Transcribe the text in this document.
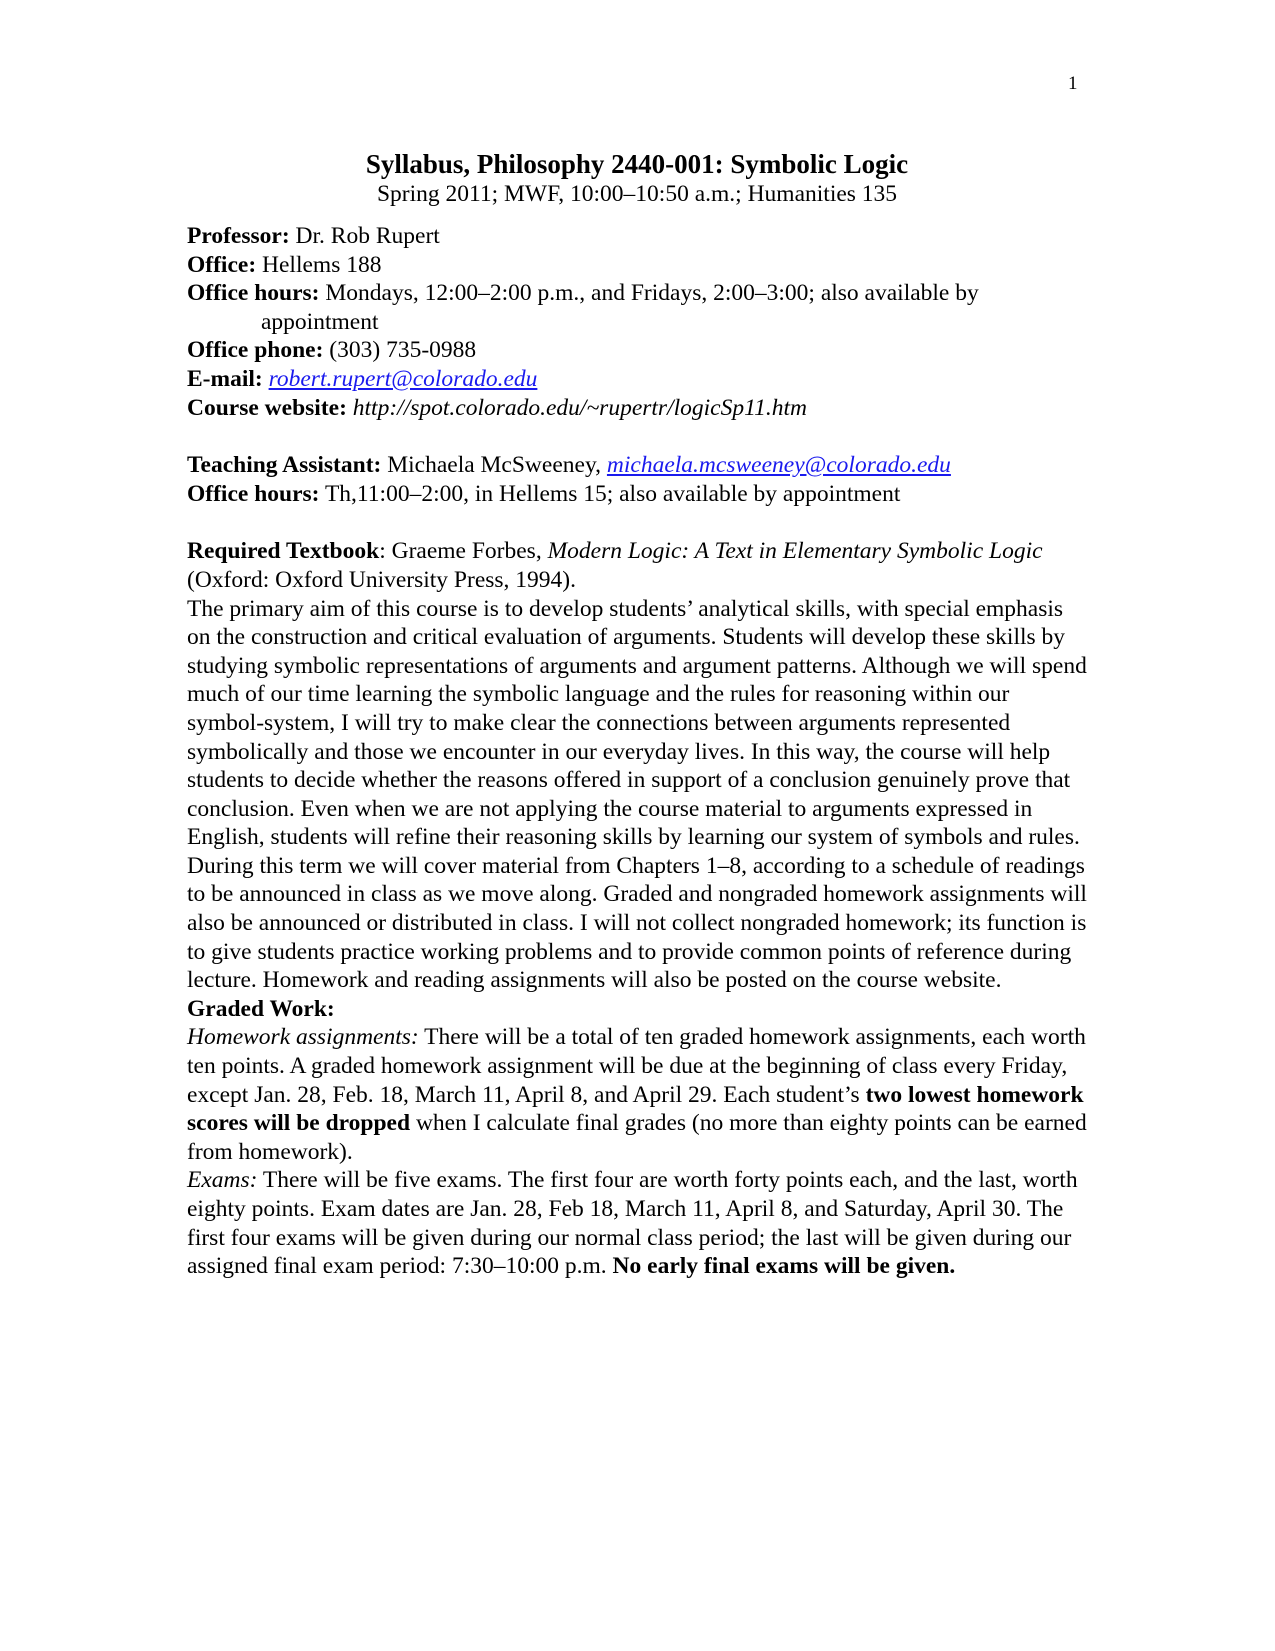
1
Syllabus, Philosophy 2440-001: Symbolic Logic
Spring 2011; MWF, 10:00–10:50 a.m.; Humanities 135

Professor: Dr. Rob Rupert

Office: Hellems 188

Office hours: Mondays, 12:00–2:00 p.m., and Fridays, 2:00–3:00; also available by appointment

Office phone: (303) 735-0988

E-mail: robert.rupert@colorado.edu

Course website: http://spot.colorado.edu/~rupertr/logicSp11.htm

Teaching Assistant: Michaela McSweeney, michaela.mcsweeney@colorado.edu

Office hours: Th,11:00–2:00, in Hellems 15; also available by appointment

Required Textbook: Graeme Forbes, Modern Logic: A Text in Elementary Symbolic Logic (Oxford: Oxford University Press, 1994).

The primary aim of this course is to develop students’ analytical skills, with special emphasis on the construction and critical evaluation of arguments. Students will develop these skills by studying symbolic representations of arguments and argument patterns. Although we will spend much of our time learning the symbolic language and the rules for reasoning within our symbol-system, I will try to make clear the connections between arguments represented symbolically and those we encounter in our everyday lives. In this way, the course will help students to decide whether the reasons offered in support of a conclusion genuinely prove that conclusion. Even when we are not applying the course material to arguments expressed in English, students will refine their reasoning skills by learning our system of symbols and rules.

During this term we will cover material from Chapters 1–8, according to a schedule of readings to be announced in class as we move along. Graded and nongraded homework assignments will also be announced or distributed in class. I will not collect nongraded homework; its function is to give students practice working problems and to provide common points of reference during lecture. Homework and reading assignments will also be posted on the course website.

Graded Work:

Homework assignments: There will be a total of ten graded homework assignments, each worth ten points. A graded homework assignment will be due at the beginning of class every Friday, except Jan. 28, Feb. 18, March 11, April 8, and April 29. Each student’s two lowest homework scores will be dropped when I calculate final grades (no more than eighty points can be earned from homework).

Exams: There will be five exams. The first four are worth forty points each, and the last, worth eighty points. Exam dates are Jan. 28, Feb 18, March 11, April 8, and Saturday, April 30. The first four exams will be given during our normal class period; the last will be given during our assigned final exam period: 7:30–10:00 p.m. No early final exams will be given.
